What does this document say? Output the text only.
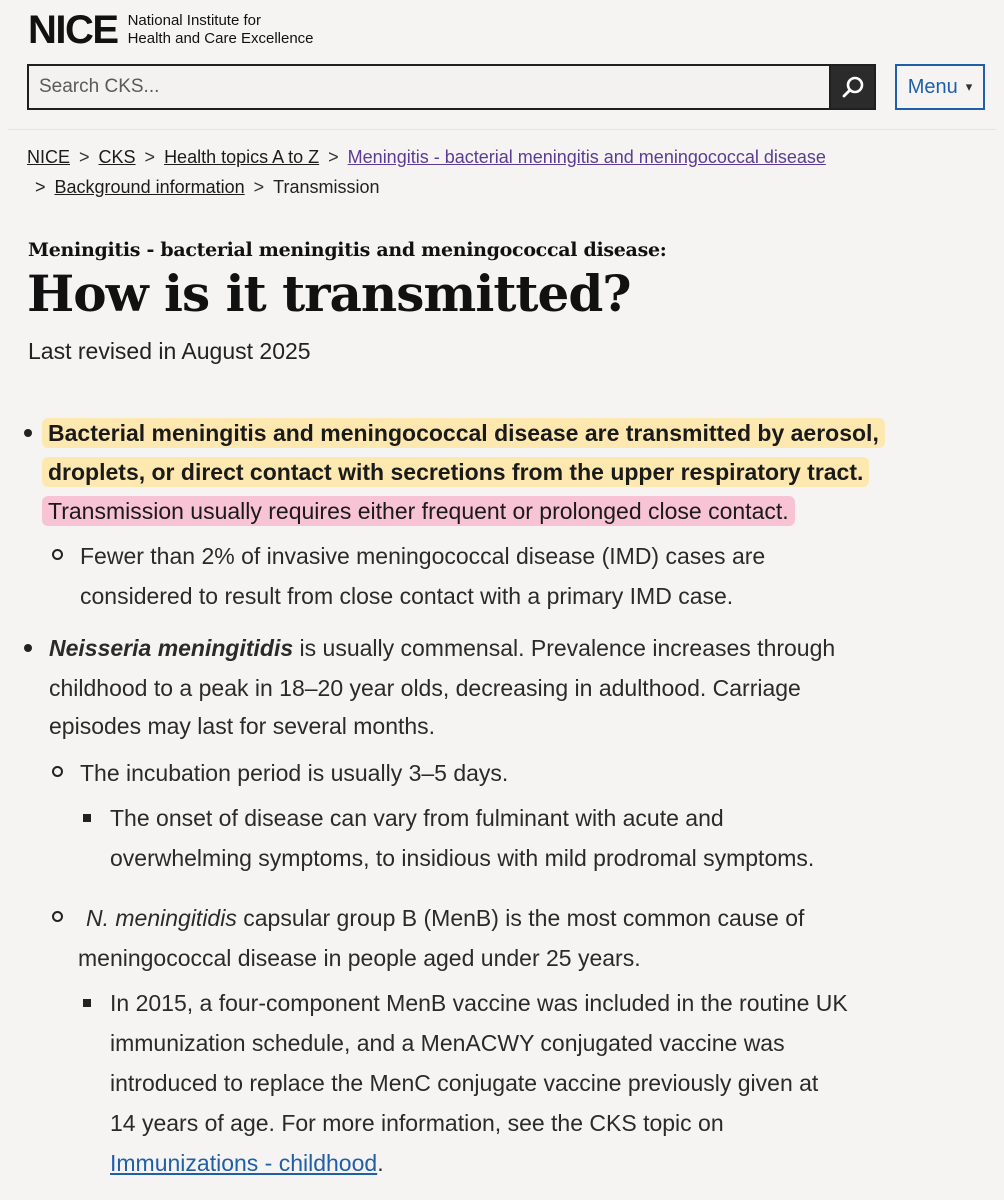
NICE National Institute for
Health and Care Excellence
Search CKS...
Menu ▾
NICE > CKS > Health topics A to Z > Meningitis - bacterial meningitis and meningococcal disease
> Background information > Transmission
Meningitis - bacterial meningitis and meningococcal disease:
How is it transmitted?
Last revised in August 2025
Bacterial meningitis and meningococcal disease are transmitted by aerosol,
droplets, or direct contact with secretions from the upper respiratory tract.
Transmission usually requires either frequent or prolonged close contact.
Fewer than 2% of invasive meningococcal disease (IMD) cases are
considered to result from close contact with a primary IMD case.
Neisseria meningitidis is usually commensal. Prevalence increases through
childhood to a peak in 18–20 year olds, decreasing in adulthood. Carriage
episodes may last for several months.
The incubation period is usually 3–5 days.
The onset of disease can vary from fulminant with acute and
overwhelming symptoms, to insidious with mild prodromal symptoms.
N. meningitidis capsular group B (MenB) is the most common cause of
meningococcal disease in people aged under 25 years.
In 2015, a four-component MenB vaccine was included in the routine UK
immunization schedule, and a MenACWY conjugated vaccine was
introduced to replace the MenC conjugate vaccine previously given at
14 years of age. For more information, see the CKS topic on
Immunizations - childhood.
